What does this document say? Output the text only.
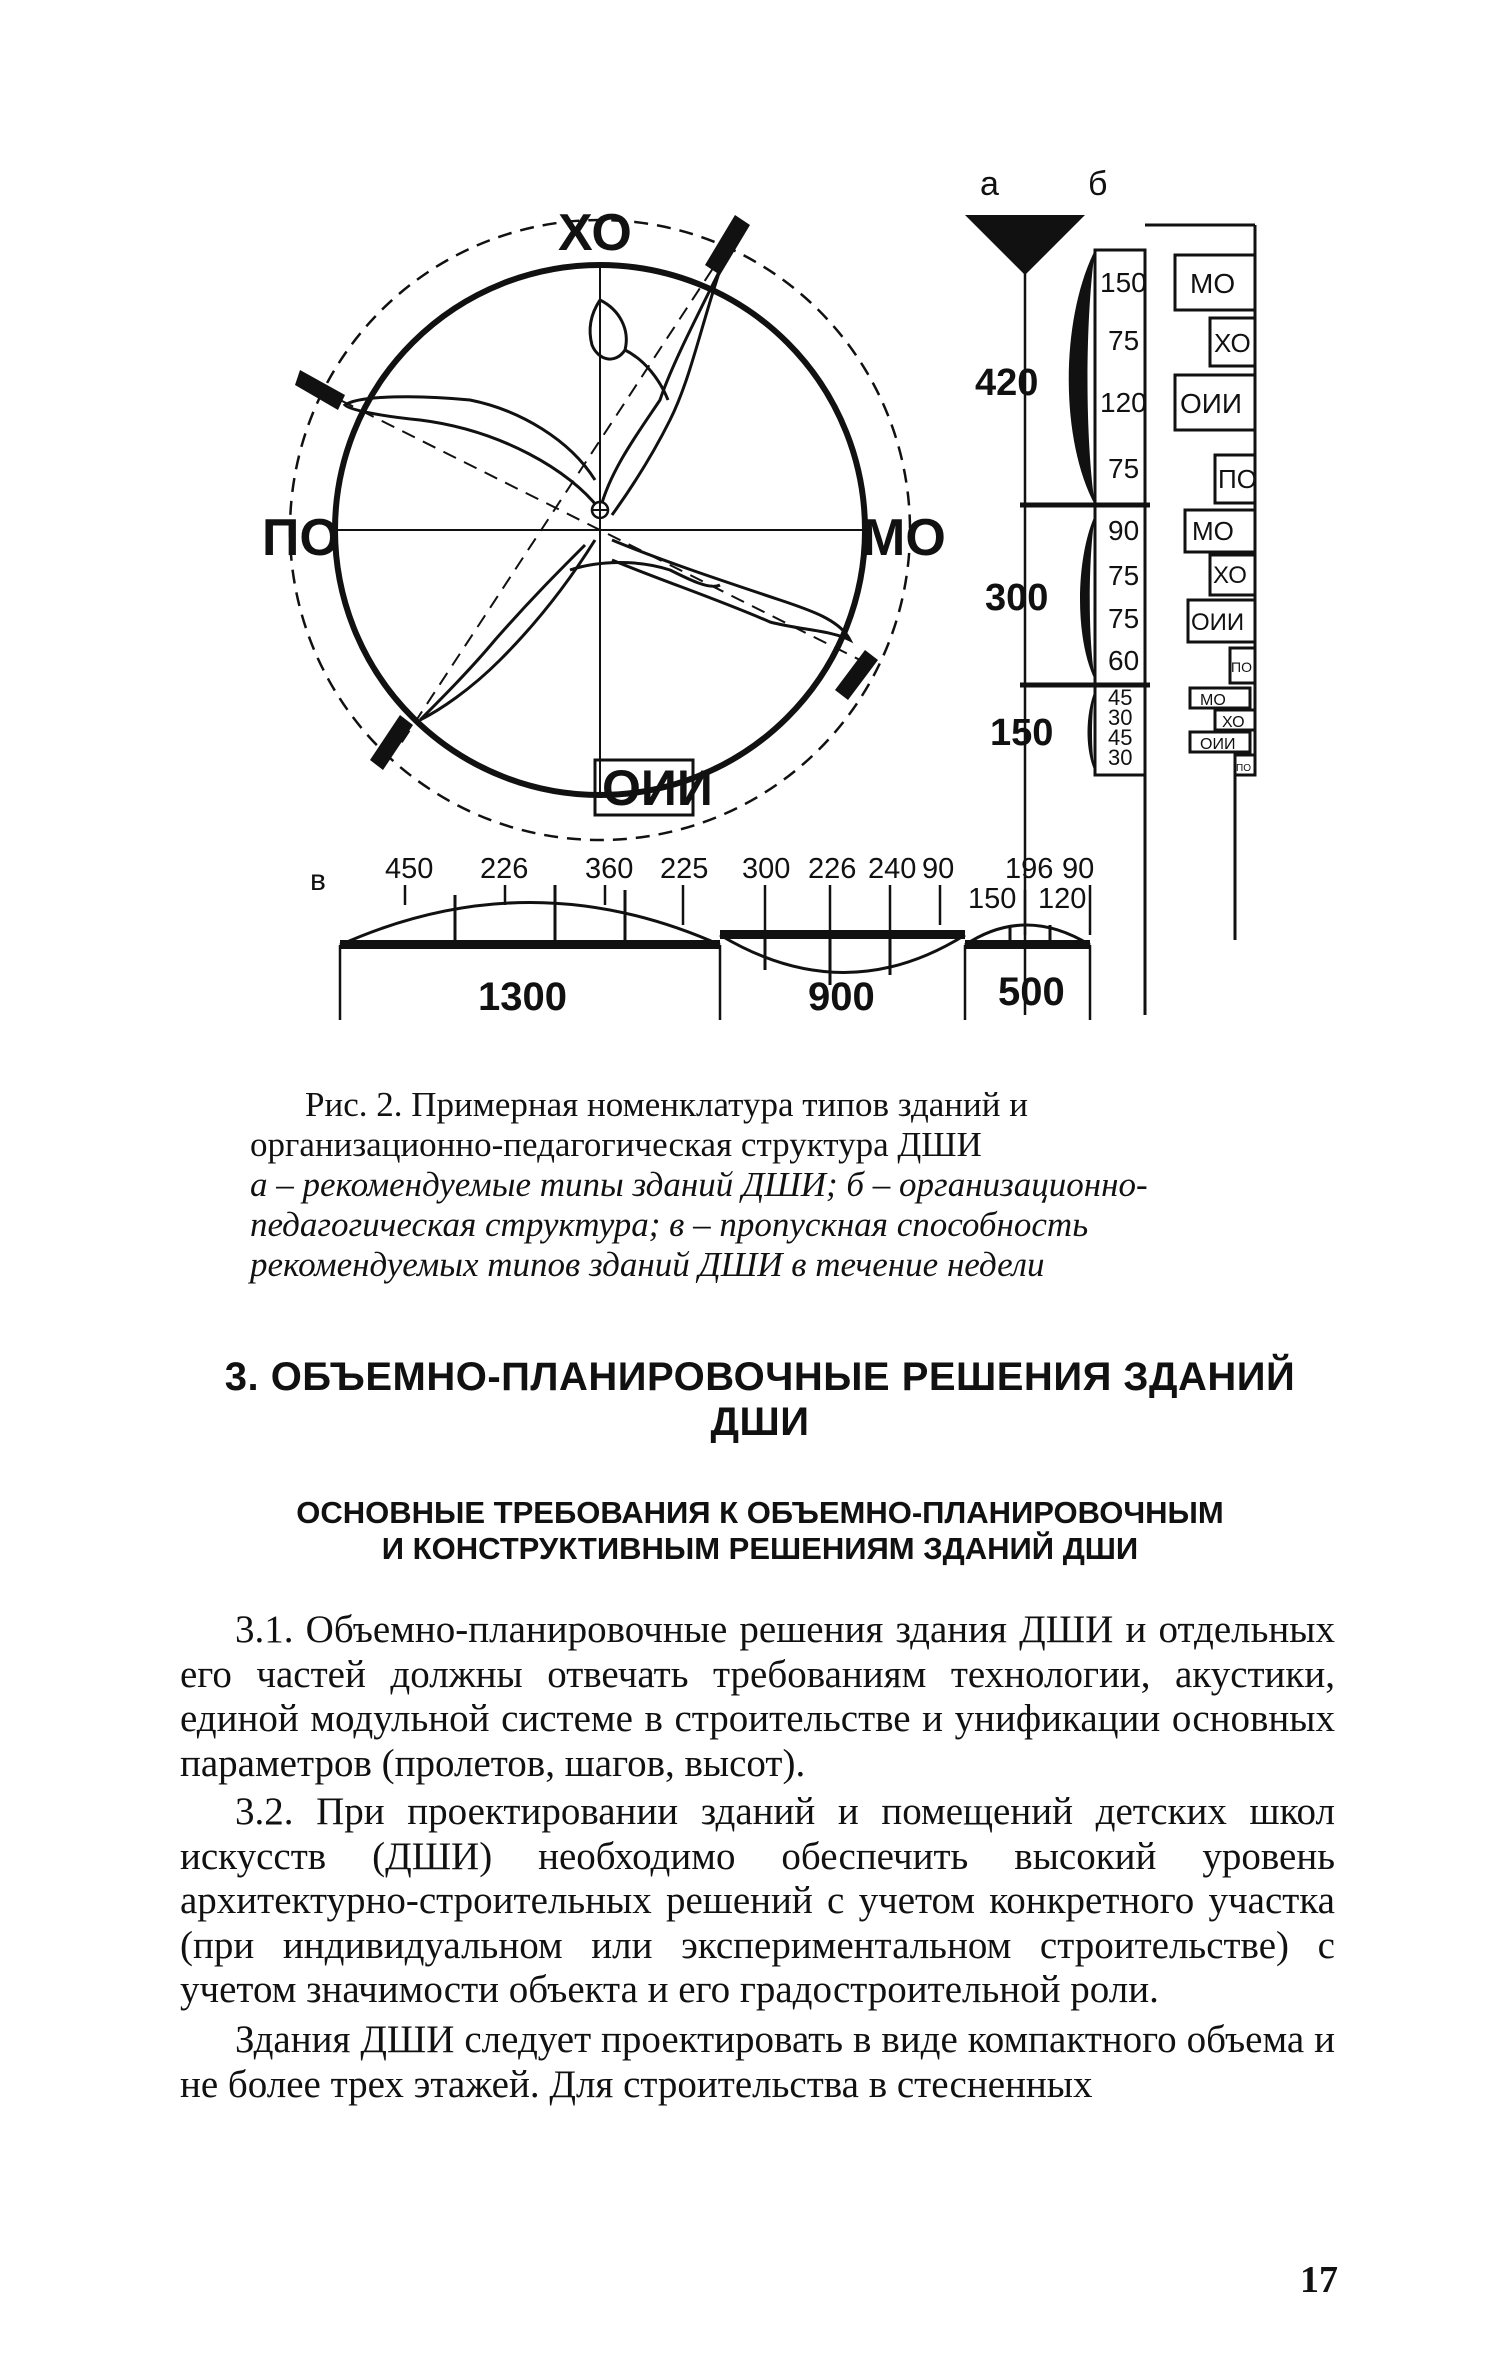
ХО
ПО	МО
ОИИ
а	б
420
300
150
150
75
120
75
90
75
75
60
45
30
45
30
МО
ХО
ОИИ
ПО
МО
ХО
ОИИ
ПО
МО
ХО
ОИИ
ПО
в 450 226 360 225 300 226 240 90 196 90
150 120
1300	900	500

Рис. 2. Примерная номенклатура типов зданий и организационно-педагогическая структура ДШИ

а – рекомендуемые типы зданий ДШИ; б – организационно-педагогическая структура; в – пропускная способность рекомендуемых типов зданий ДШИ в течение недели

3. ОБЪЕМНО-ПЛАНИРОВОЧНЫЕ РЕШЕНИЯ ЗДАНИЙ ДШИ
ОСНОВНЫЕ ТРЕБОВАНИЯ К ОБЪЕМНО-ПЛАНИРОВОЧНЫМ
И КОНСТРУКТИВНЫМ РЕШЕНИЯМ ЗДАНИЙ ДШИ

3.1. Объемно-планировочные решения здания ДШИ и отдельных его частей должны отвечать требованиям технологии, акустики, единой модульной системе в строительстве и унификации основных параметров (пролетов, шагов, высот).

3.2. При проектировании зданий и помещений детских школ искусств (ДШИ) необходимо обеспечить высокий уровень архитектурно-строительных решений с учетом конкретного участка (при индивидуальном или экспериментальном строительстве) с учетом значимости объекта и его градостроительной роли.

Здания ДШИ следует проектировать в виде компактного объема и не более трех этажей. Для строительства в стесненных

17
